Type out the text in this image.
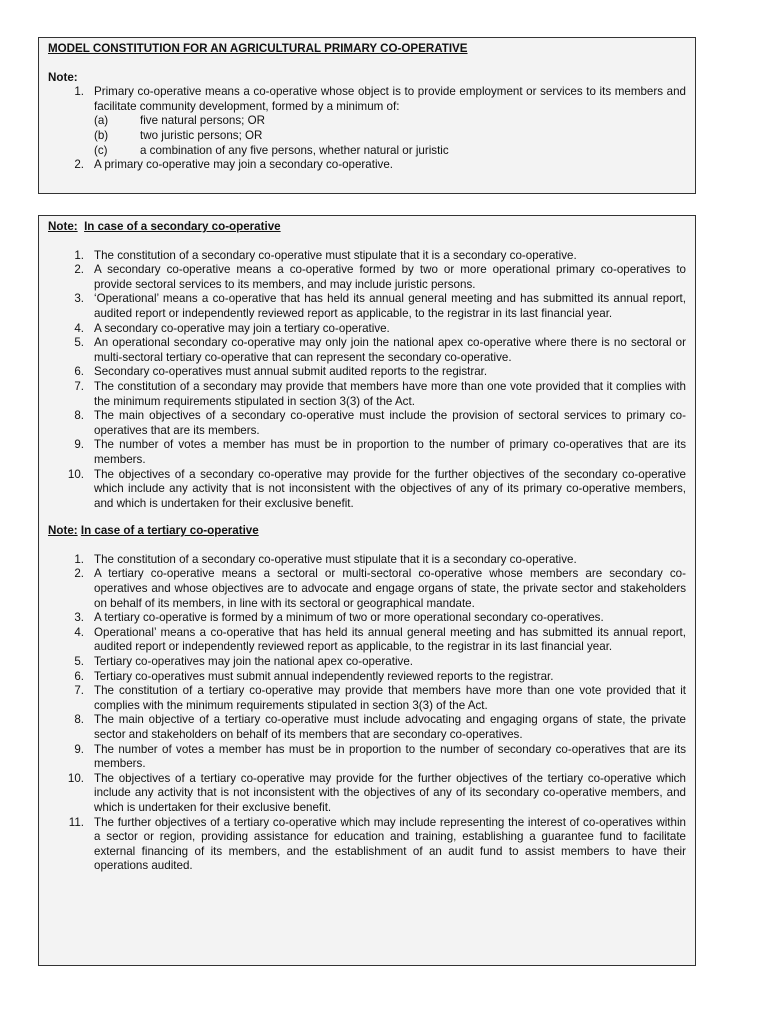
MODEL CONSTITUTION FOR AN AGRICULTURAL PRIMARY CO-OPERATIVE

Note:

1. Primary co-operative means a co-operative whose object is to provide employment or services to its members and facilitate community development, formed by a minimum of:
(a)	five natural persons; OR
(b)	two juristic persons; OR
(c)	a combination of any five persons, whether natural or juristic
2. A primary co-operative may join a secondary co-operative.

Note: In case of a secondary co-operative

1. The constitution of a secondary co-operative must stipulate that it is a secondary co-operative.
2. A secondary co-operative means a co-operative formed by two or more operational primary co-operatives to provide sectoral services to its members, and may include juristic persons.
3. ‘Operational’ means a co-operative that has held its annual general meeting and has submitted its annual report, audited report or independently reviewed report as applicable, to the registrar in its last financial year.
4. A secondary co-operative may join a tertiary co-operative.
5. An operational secondary co-operative may only join the national apex co-operative where there is no sectoral or multi-sectoral tertiary co-operative that can represent the secondary co-operative.
6. Secondary co-operatives must annual submit audited reports to the registrar.
7. The constitution of a secondary may provide that members have more than one vote provided that it complies with the minimum requirements stipulated in section 3(3) of the Act.
8. The main objectives of a secondary co-operative must include the provision of sectoral services to primary co-operatives that are its members.
9. The number of votes a member has must be in proportion to the number of primary co-operatives that are its members.
10. The objectives of a secondary co-operative may provide for the further objectives of the secondary co-operative which include any activity that is not inconsistent with the objectives of any of its primary co-operative members, and which is undertaken for their exclusive benefit.

Note: In case of a tertiary co-operative

1. The constitution of a secondary co-operative must stipulate that it is a secondary co-operative.
2. A tertiary co-operative means a sectoral or multi-sectoral co-operative whose members are secondary co-operatives and whose objectives are to advocate and engage organs of state, the private sector and stakeholders on behalf of its members, in line with its sectoral or geographical mandate.
3. A tertiary co-operative is formed by a minimum of two or more operational secondary co-operatives.
4. Operational’ means a co-operative that has held its annual general meeting and has submitted its annual report, audited report or independently reviewed report as applicable, to the registrar in its last financial year.
5. Tertiary co-operatives may join the national apex co-operative.
6. Tertiary co-operatives must submit annual independently reviewed reports to the registrar.
7. The constitution of a tertiary co-operative may provide that members have more than one vote provided that it complies with the minimum requirements stipulated in section 3(3) of the Act.
8. The main objective of a tertiary co-operative must include advocating and engaging organs of state, the private sector and stakeholders on behalf of its members that are secondary co-operatives.
9. The number of votes a member has must be in proportion to the number of secondary co-operatives that are its members.
10. The objectives of a tertiary co-operative may provide for the further objectives of the tertiary co-operative which include any activity that is not inconsistent with the objectives of any of its secondary co-operative members, and which is undertaken for their exclusive benefit.
11. The further objectives of a tertiary co-operative which may include representing the interest of co-operatives within a sector or region, providing assistance for education and training, establishing a guarantee fund to facilitate external financing of its members, and the establishment of an audit fund to assist members to have their operations audited.
